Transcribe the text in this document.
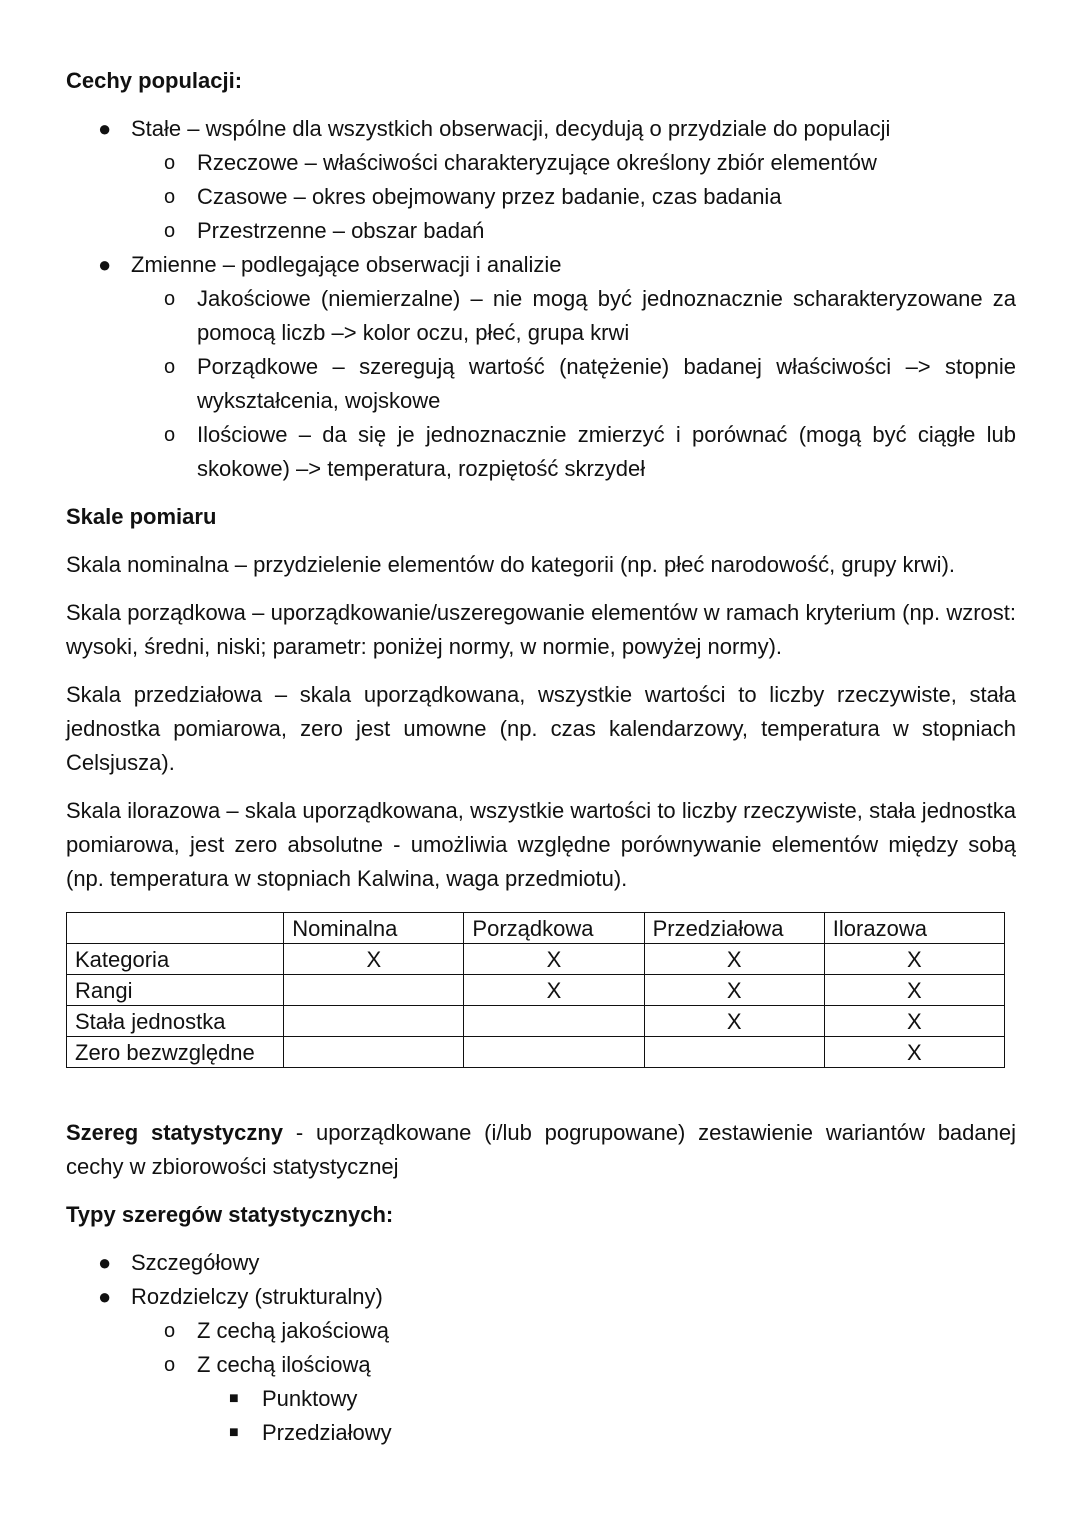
Cechy populacji:

● Stałe – wspólne dla wszystkich obserwacji, decydują o przydziale do populacji
o Rzeczowe – właściwości charakteryzujące określony zbiór elementów
o Czasowe – okres obejmowany przez badanie, czas badania
o Przestrzenne – obszar badań
● Zmienne – podlegające obserwacji i analizie
o Jakościowe (niemierzalne) – nie mogą być jednoznacznie scharakteryzowane za pomocą liczb –> kolor oczu, płeć, grupa krwi
o Porządkowe – szeregują wartość (natężenie) badanej właściwości –> stopnie wykształcenia, wojskowe
o Ilościowe – da się je jednoznacznie zmierzyć i porównać (mogą być ciągłe lub skokowe) –> temperatura, rozpiętość skrzydeł

Skale pomiaru

Skala nominalna – przydzielenie elementów do kategorii (np. płeć narodowość, grupy krwi).

Skala porządkowa – uporządkowanie/uszeregowanie elementów w ramach kryterium (np. wzrost: wysoki, średni, niski; parametr: poniżej normy, w normie, powyżej normy).

Skala przedziałowa – skala uporządkowana, wszystkie wartości to liczby rzeczywiste, stała jednostka pomiarowa, zero jest umowne (np. czas kalendarzowy, temperatura w stopniach Celsjusza).

Skala ilorazowa – skala uporządkowana, wszystkie wartości to liczby rzeczywiste, stała jednostka pomiarowa, jest zero absolutne - umożliwia względne porównywanie elementów między sobą (np. temperatura w stopniach Kalwina, waga przedmiotu).

	Nominalna	Porządkowa	Przedziałowa	Ilorazowa
Kategoria	X	X	X	X
Rangi		X	X	X
Stała jednostka			X	X
Zero bezwzględne				X

Szereg statystyczny - uporządkowane (i/lub pogrupowane) zestawienie wariantów badanej cechy w zbiorowości statystycznej

Typy szeregów statystycznych:

● Szczegółowy
● Rozdzielczy (strukturalny)
o Z cechą jakościową
o Z cechą ilościową
■ Punktowy
■ Przedziałowy
